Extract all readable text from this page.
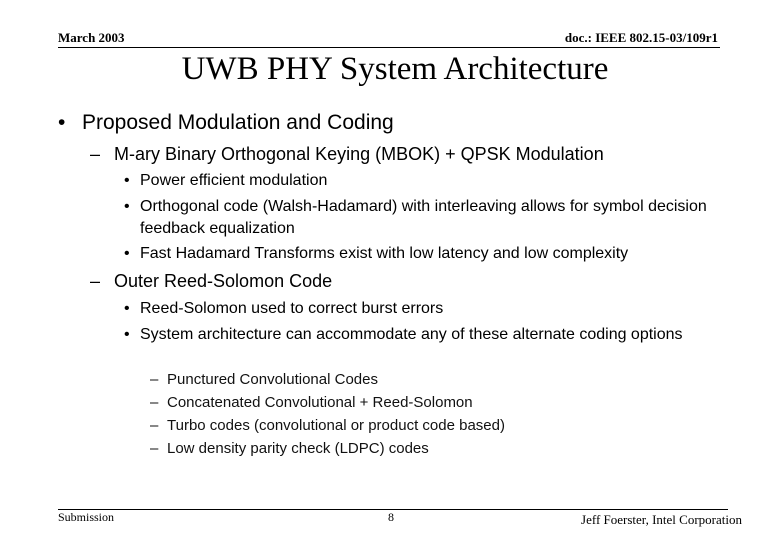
March 2003	doc.: IEEE 802.15-03/109r1
UWB PHY System Architecture
• Proposed Modulation and Coding
– M-ary Binary Orthogonal Keying (MBOK) + QPSK Modulation
• Power efficient modulation
• Orthogonal code (Walsh-Hadamard) with interleaving allows for symbol decision feedback equalization
• Fast Hadamard Transforms exist with low latency and low complexity
– Outer Reed-Solomon Code
• Reed-Solomon used to correct burst errors
• System architecture can accommodate any of these alternate coding options
– Punctured Convolutional Codes
– Concatenated Convolutional + Reed-Solomon
– Turbo codes (convolutional or product code based)
– Low density parity check (LDPC) codes
Submission	8	Jeff Foerster, Intel Corporation
